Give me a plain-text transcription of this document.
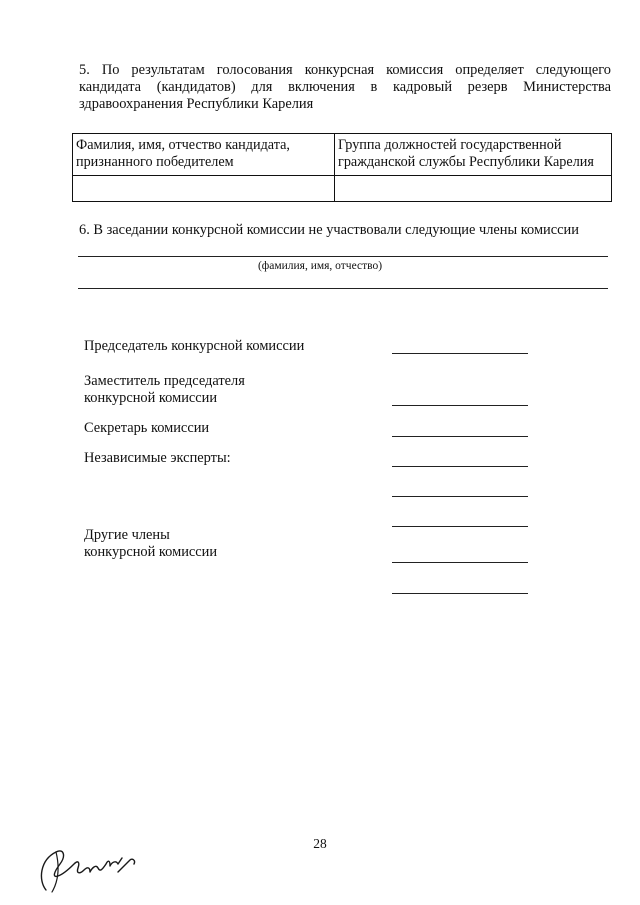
5. По результатам голосования конкурсная комиссия определяет следующего кандидата (кандидатов) для включения в кадровый резерв Министерства здравоохранения Республики Карелия

Фамилия, имя, отчество кандидата, признанного победителем	Группа должностей государственной гражданской службы Республики Карелия

6. В заседании конкурсной комиссии не участвовали следующие члены комиссии

(фамилия, имя, отчество)

Председатель конкурсной комиссии

Заместитель председателя
конкурсной комиссии

Секретарь комиссии

Независимые эксперты:

Другие члены
конкурсной комиссии

28
